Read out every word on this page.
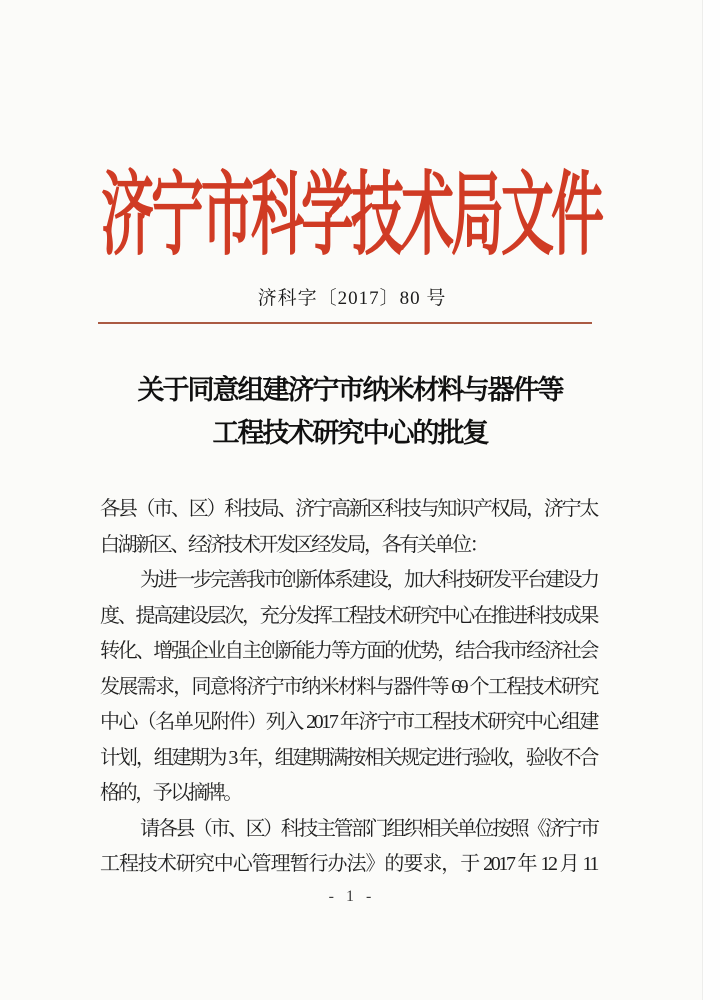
济宁市科学技术局文件
济科字〔2017〕80 号
关于同意组建济宁市纳米材料与器件等
工程技术研究中心的批复
各县（市、区）科技局、济宁高新区科技与知识产权局，济宁太
白湖新区、经济技术开发区经发局，各有关单位：
为进一步完善我市创新体系建设，加大科技研发平台建设力
度、提高建设层次，充分发挥工程技术研究中心在推进科技成果
转化、增强企业自主创新能力等方面的优势，结合我市经济社会
发展需求，同意将济宁市纳米材料与器件等 69 个工程技术研究
中心（名单见附件）列入 2017 年济宁市工程技术研究中心组建
计划，组建期为 3 年，组建期满按相关规定进行验收，验收不合
格的，予以摘牌。
请各县（市、区）科技主管部门组织相关单位按照《济宁市
工程技术研究中心管理暂行办法》的要求，于 2017 年 12 月 11
- 1 -
